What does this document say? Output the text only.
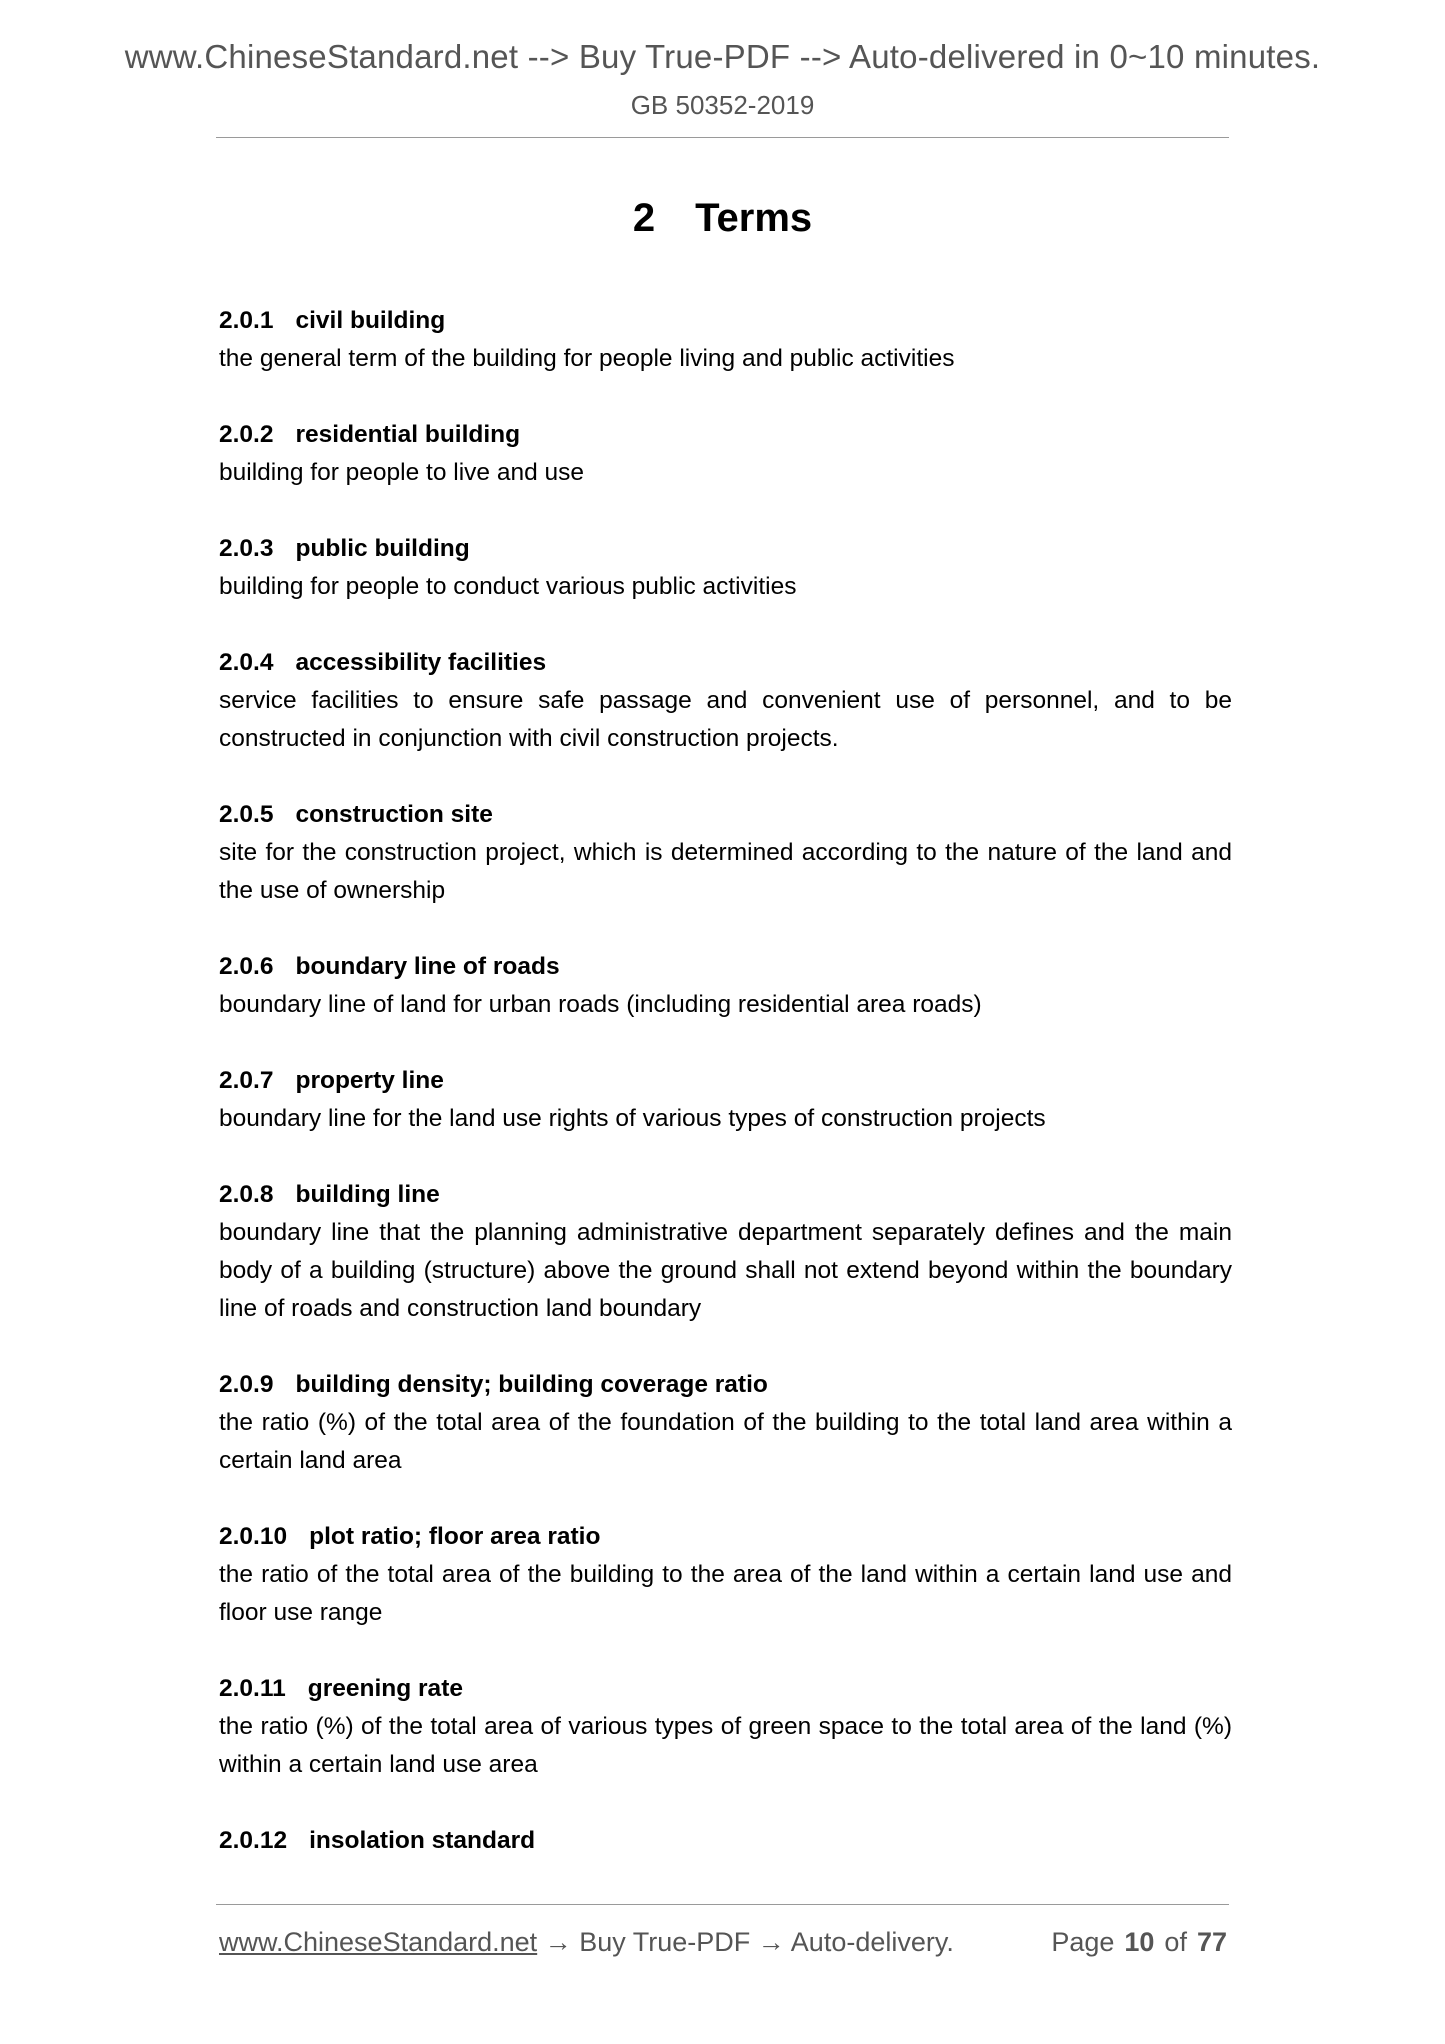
www.ChineseStandard.net --> Buy True-PDF --> Auto-delivered in 0~10 minutes.
GB 50352-2019
2 Terms
2.0.1 civil building
the general term of the building for people living and public activities
2.0.2 residential building
building for people to live and use
2.0.3 public building
building for people to conduct various public activities
2.0.4 accessibility facilities
service facilities to ensure safe passage and convenient use of personnel, and to be constructed in conjunction with civil construction projects.
2.0.5 construction site
site for the construction project, which is determined according to the nature of the land and the use of ownership
2.0.6 boundary line of roads
boundary line of land for urban roads (including residential area roads)
2.0.7 property line
boundary line for the land use rights of various types of construction projects
2.0.8 building line
boundary line that the planning administrative department separately defines and the main body of a building (structure) above the ground shall not extend beyond within the boundary line of roads and construction land boundary
2.0.9 building density; building coverage ratio
the ratio (%) of the total area of the foundation of the building to the total land area within a certain land area
2.0.10 plot ratio; floor area ratio
the ratio of the total area of the building to the area of the land within a certain land use and floor use range
2.0.11 greening rate
the ratio (%) of the total area of various types of green space to the total area of the land (%) within a certain land use area
2.0.12 insolation standard
www.ChineseStandard.net → Buy True-PDF → Auto-delivery.	Page 10 of 77
